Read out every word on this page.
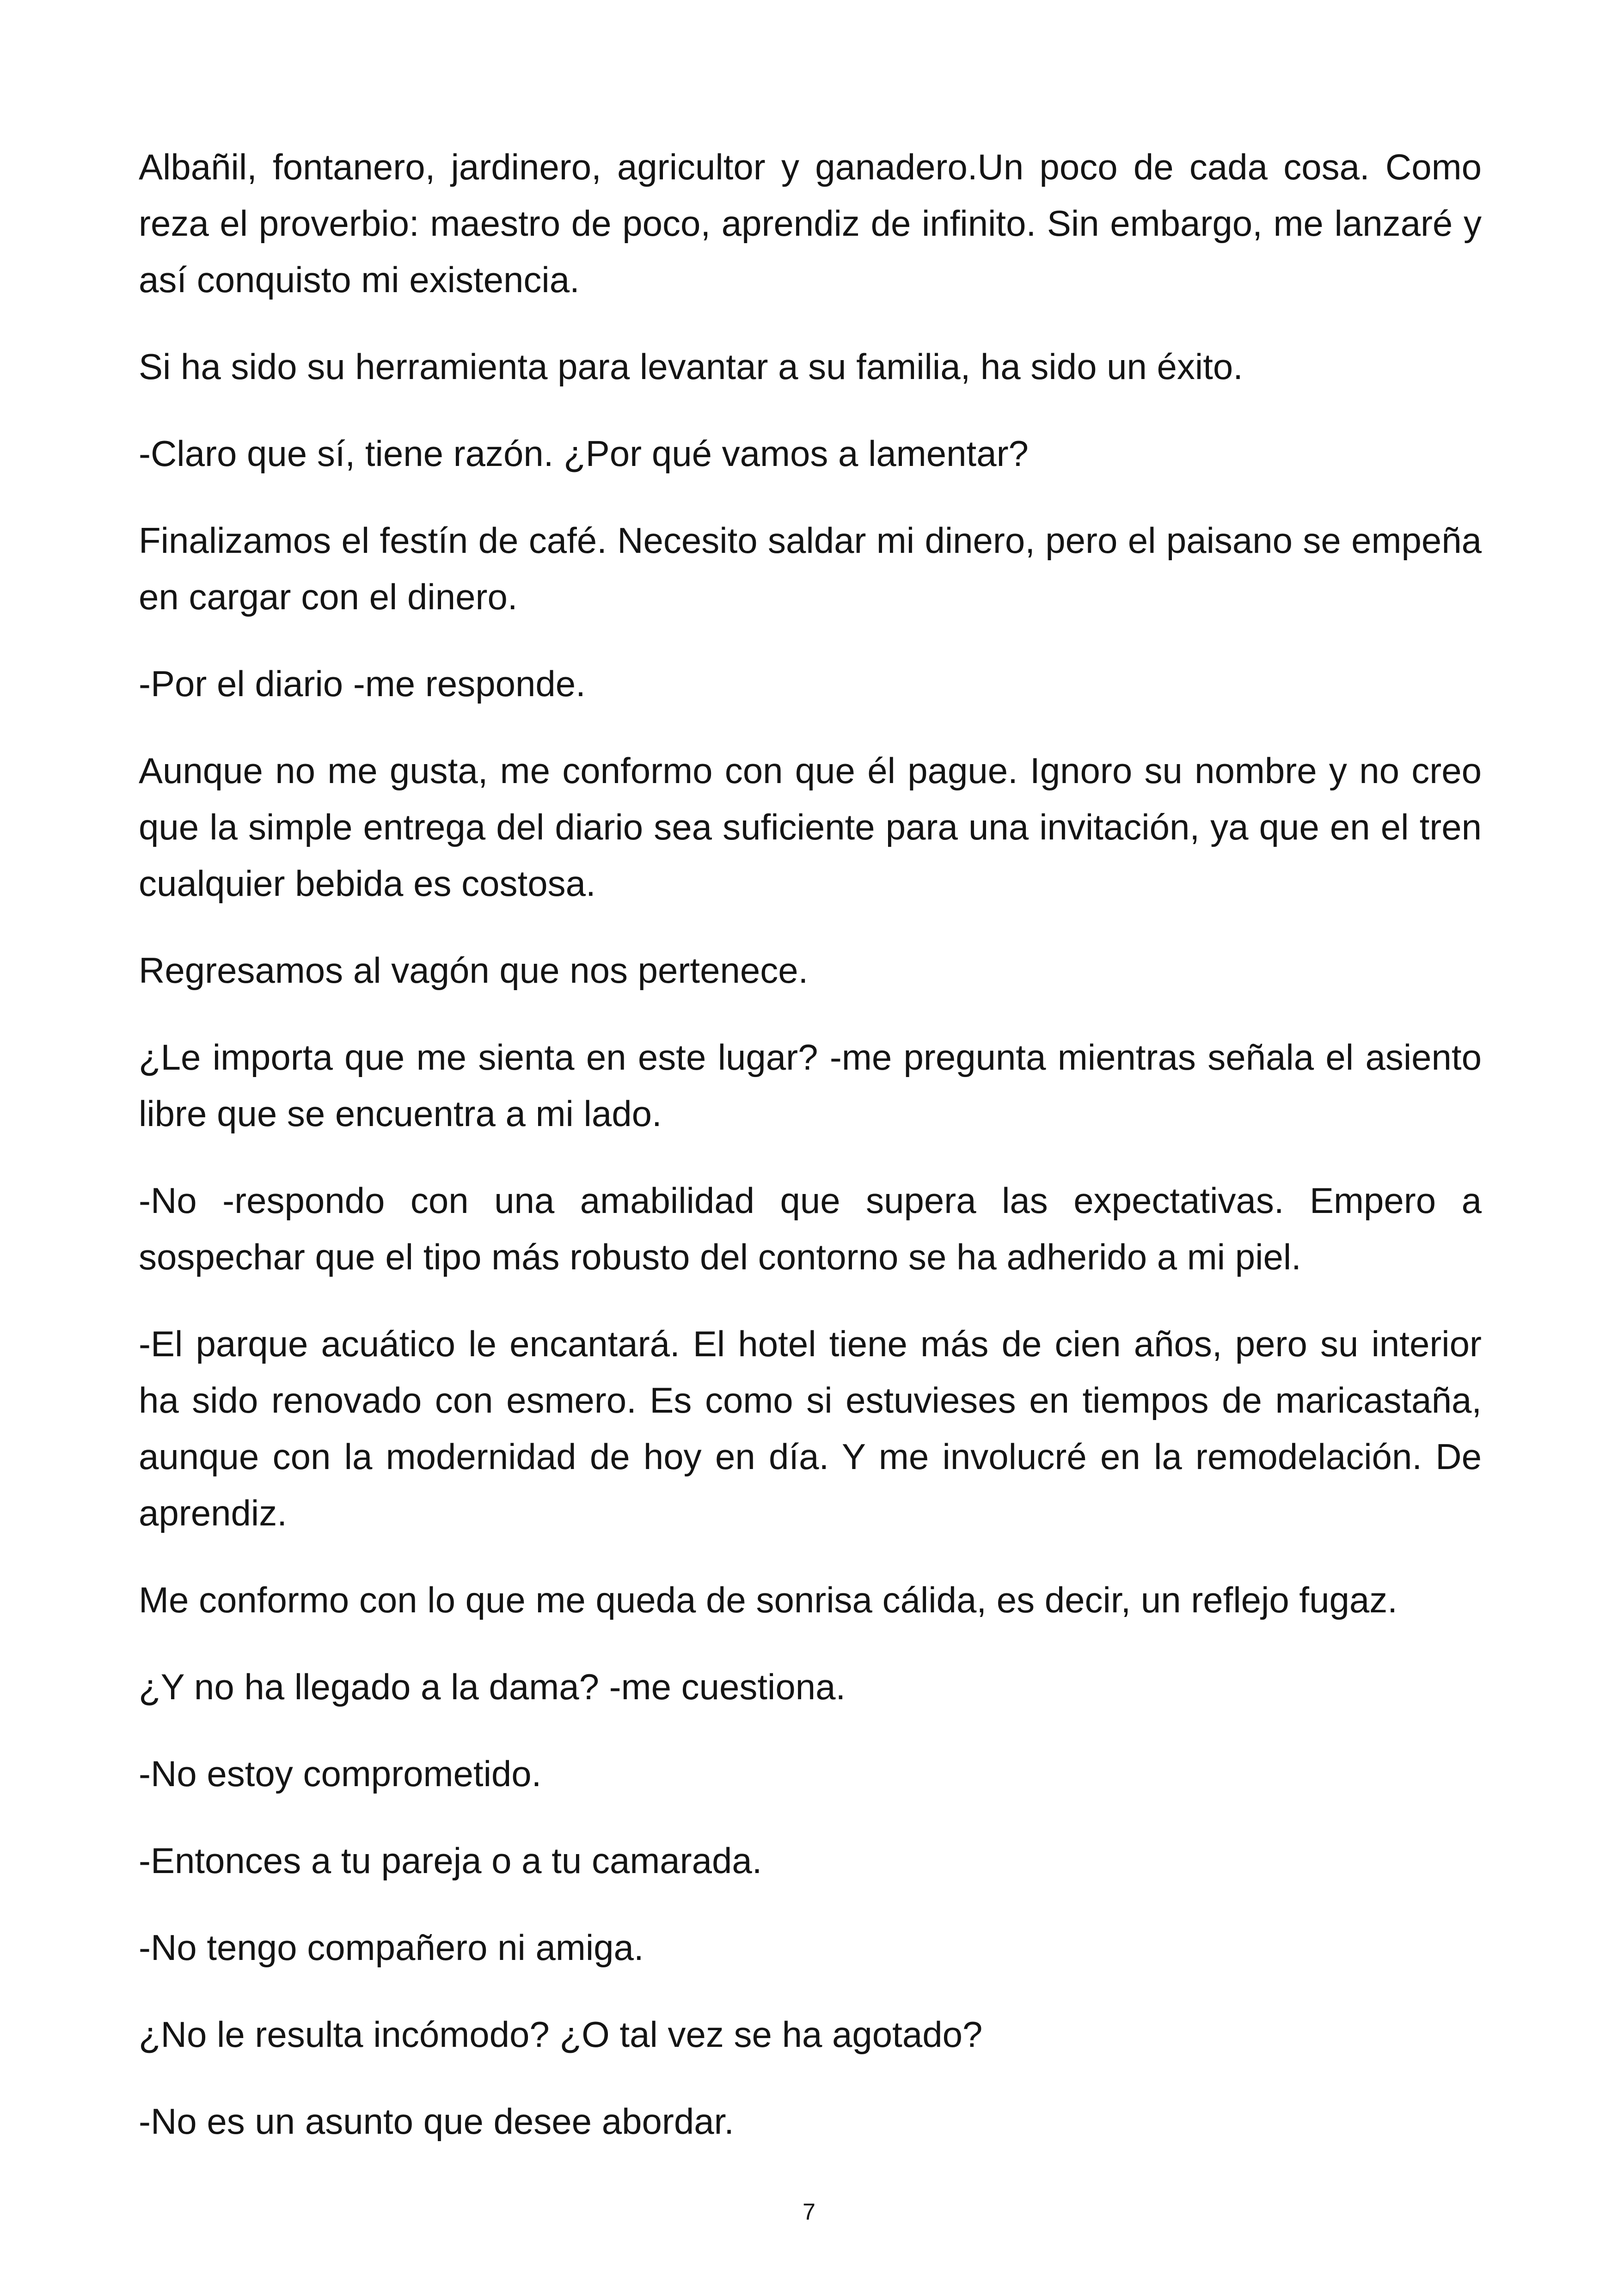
Albañil, fontanero, jardinero, agricultor y ganadero.Un poco de cada cosa. Como reza el proverbio: maestro de poco, aprendiz de infinito. Sin embargo, me lanzaré y así conquisto mi existencia.

Si ha sido su herramienta para levantar a su familia, ha sido un éxito.

-Claro que sí, tiene razón. ¿Por qué vamos a lamentar?

Finalizamos el festín de café. Necesito saldar mi dinero, pero el paisano se empeña en cargar con el dinero.

-Por el diario -me responde.

Aunque no me gusta, me conformo con que él pague. Ignoro su nombre y no creo que la simple entrega del diario sea suficiente para una invitación, ya que en el tren cualquier bebida es costosa.

Regresamos al vagón que nos pertenece.

¿Le importa que me sienta en este lugar? -me pregunta mientras señala el asiento libre que se encuentra a mi lado.

-No -respondo con una amabilidad que supera las expectativas. Empero a sospechar que el tipo más robusto del contorno se ha adherido a mi piel.

-El parque acuático le encantará. El hotel tiene más de cien años, pero su interior ha sido renovado con esmero. Es como si estuvieses en tiempos de maricastaña, aunque con la modernidad de hoy en día. Y me involucré en la remodelación. De aprendiz.

Me conformo con lo que me queda de sonrisa cálida, es decir, un reflejo fugaz.

¿Y no ha llegado a la dama? -me cuestiona.

-No estoy comprometido.

-Entonces a tu pareja o a tu camarada.

-No tengo compañero ni amiga.

¿No le resulta incómodo? ¿O tal vez se ha agotado?

-No es un asunto que desee abordar.

7
